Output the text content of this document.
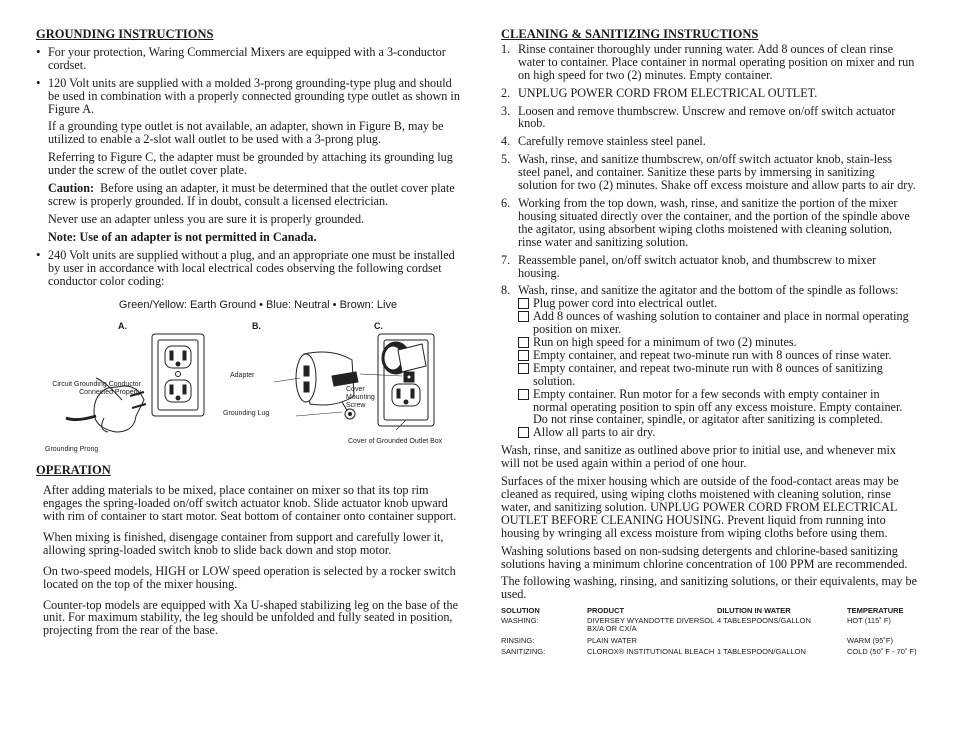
GROUNDING INSTRUCTIONS
• For your protection, Waring Commercial Mixers are equipped with a 3-conductor cordset.
• 120 Volt units are supplied with a molded 3-prong grounding-type plug and should be used in combination with a properly connected grounding type outlet as shown in Figure A.

If a grounding type outlet is not available, an adapter, shown in Figure B, may be utilized to enable a 2-slot wall outlet to be used with a 3-prong plug.

Referring to Figure C, the adapter must be grounded by attaching its grounding lug under the screw of the outlet cover plate.

Caution: Before using an adapter, it must be determined that the outlet cover plate screw is properly grounded. If in doubt, consult a licensed electrician.

Never use an adapter unless you are sure it is properly grounded.

Note: Use of an adapter is not permitted in Canada.

• 240 Volt units are supplied without a plug, and an appropriate one must be installed by user in accordance with local electrical codes observing the following cordset conductor color coding:
Green/Yellow: Earth Ground • Blue: Neutral • Brown: Live
A.	B.	C.
Circuit Grounding Conductor
Connected Properly
Grounding Prong
Adapter
Grounding Lug
Cover
Mounting
Screw
Cover of Grounded Outlet Box
OPERATION

After adding materials to be mixed, place container on mixer so that its top rim engages the spring-loaded on/off switch actuator knob. Slide actuator knob upward with rim of container to start motor. Seat bottom of container onto container support.

When mixing is finished, disengage container from support and carefully lower it, allowing spring-loaded switch knob to slide back down and stop motor.

On two-speed models, HIGH or LOW speed operation is selected by a rocker switch located on the top of the mixer housing.

Counter-top models are equipped with Xa U-shaped stabilizing leg on the base of the unit. For maximum stability, the leg should be unfolded and fully seated in position, projecting from the rear of the base.

CLEANING & SANITIZING INSTRUCTIONS
1. Rinse container thoroughly under running water. Add 8 ounces of clean rinse water to container. Place container in normal operating position on mixer and run on high speed for two (2) minutes. Empty container.
2. UNPLUG POWER CORD FROM ELECTRICAL OUTLET.
3. Loosen and remove thumbscrew. Unscrew and remove on/off switch actuator knob.
4. Carefully remove stainless steel panel.
5. Wash, rinse, and sanitize thumbscrew, on/off switch actuator knob, stain-less steel panel, and container. Sanitize these parts by immersing in sanitizing solution for two (2) minutes. Shake off excess moisture and allow parts to air dry.
6. Working from the top down, wash, rinse, and sanitize the portion of the mixer housing situated directly over the container, and the portion of the spindle above the agitator, using absorbent wiping cloths moistened with cleaning solution, rinse water and sanitizing solution.
7. Reassemble panel, on/off switch actuator knob, and thumbscrew to mixer housing.
8. Wash, rinse, and sanitize the agitator and the bottom of the spindle as follows:
Plug power cord into electrical outlet.
Add 8 ounces of washing solution to container and place in normal operating position on mixer.
Run on high speed for a minimum of two (2) minutes.
Empty container, and repeat two-minute run with 8 ounces of rinse water.
Empty container, and repeat two-minute run with 8 ounces of sanitizing solution.
Empty container. Run motor for a few seconds with empty container in normal operating position to spin off any excess moisture. Empty container. Do not rinse container, spindle, or agitator after sanitizing is completed.
Allow all parts to air dry.

Wash, rinse, and sanitize as outlined above prior to initial use, and whenever mix will not be used again within a period of one hour.

Surfaces of the mixer housing which are outside of the food-contact areas may be cleaned as required, using wiping cloths moistened with cleaning solution, rinse water, and sanitizing solution. UNPLUG POWER CORD FROM ELECTRICAL OUTLET BEFORE CLEANING HOUSING. Prevent liquid from running into housing by wringing all excess moisture from wiping cloths before using them.

Washing solutions based on non-sudsing detergents and chlorine-based sanitizing solutions having a minimum chlorine concentration of 100 PPM are recommended.

The following washing, rinsing, and sanitizing solutions, or their equivalents, may be used.

SOLUTION	PRODUCT	DILUTION IN WATER	TEMPERATURE
WASHING:	DIVERSEY WYANDOTTE DIVERSOL BX/A OR CX/A	4 TABLESPOONS/GALLON	HOT (115˚ F)
RINSING:	PLAIN WATER		WARM (95˚F)
SANITIZING:	CLOROX® INSTITUTIONAL BLEACH	1 TABLESPOON/GALLON	COLD (50˚ F - 70˚ F)
